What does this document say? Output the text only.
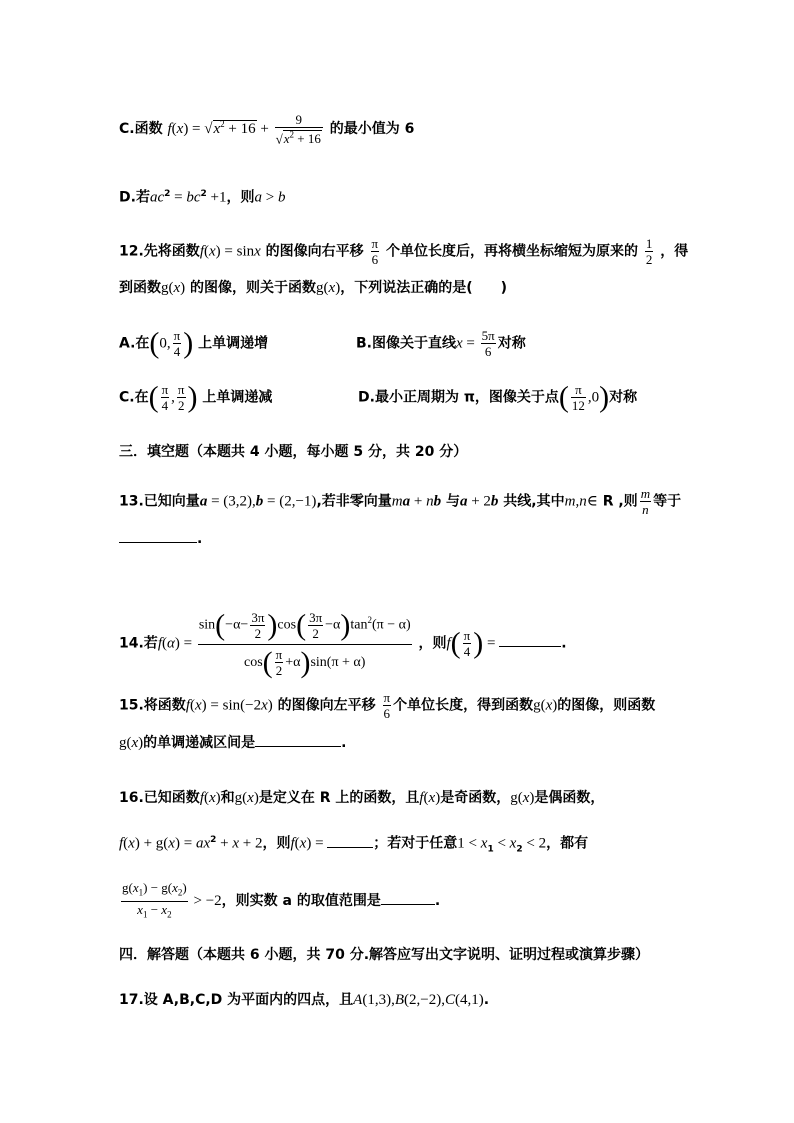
C.函数 $f(x) = √x^2 + 16 + \frac{9}{√x^2 + 16}$ 的最小值为 6
D.若$ac^2 = bc^2 +1$，则a > b
12.先将函数f(x) = sinx 的图像向右平移 $\frac{\pi}{6}$ 个单位长度后，再将横坐标缩短为原来的 $\frac{1}{2}$ ，得
到函数g(x) 的图像，则关于函数g(x)，下列说法正确的是(　　)
A.在(0, $\frac{\pi}{4}$ ) 上单调递增	B.图像关于直线$x = \frac{5\pi}{6}$ 对称
C.在( $\frac{\pi}{4}$ , $\frac{\pi}{2}$ ) 上单调递减	D.最小正周期为 π，图像关于点( $\frac{\pi}{12} ,0$)对称
三．填空题（本题共 4 小题，每小题 5 分，共 20 分）
13.已知向量a = (3,2),b = (2,−1),若非零向量ma + nb 与a + 2b 共线,其中m,n∈ R ,则 $\frac{m}{n}$ 等于
.
14.若$f(\alpha) = \frac{\sin(-\alpha- \frac{3\pi}{2} )\cos( \frac{3\pi}{2} -\alpha)\tan^2(\pi - \alpha)}{\cos( \frac{\pi}{2} +\alpha)\sin(\pi + \alpha)}$ ，则$f( \frac{\pi}{4}$ ) =	.
15.将函数f(x) = sin(−2x) 的图像向左平移 $\frac{\pi}{6}$ 个单位长度，得到函数g(x)的图像，则函数
g(x)的单调递减区间是	.
16.已知函数f(x)和g(x)是定义在 R 上的函数，且f(x)是奇函数，g(x)是偶函数，
$f(x) + g(x) = ax^2 + x + 2$，则f(x) =	；若对于任意$1 < x_1 < x_2 < 2$，都有
$\frac{g(x_1) - g(x_2)}{x_1 - x_2} > -2$，则实数 a 的取值范围是	.
四．解答题（本题共 6 小题，共 70 分.解答应写出文字说明、证明过程或演算步骤）
17.设 A,B,C,D 为平面内的四点，且A(1,3),B(2,−2),C(4,1).
